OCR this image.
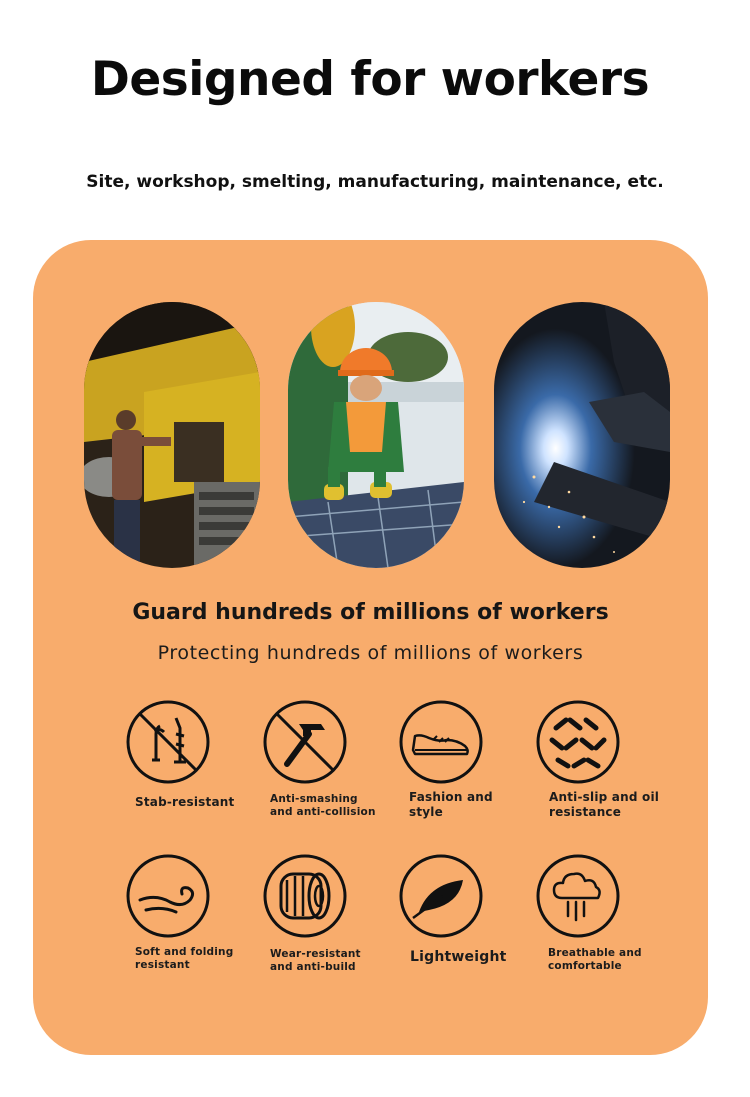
Designed for workers
Site, workshop, smelting, manufacturing, maintenance, etc.
Guard hundreds of millions of workers
Protecting hundreds of millions of workers
Stab-resistant	Anti-smashing and anti-collision
Fashion and style
Anti-slip and oil resistance
Soft and folding resistant
Wear-resistant and anti-build
Lightweight	Breathable and comfortable
